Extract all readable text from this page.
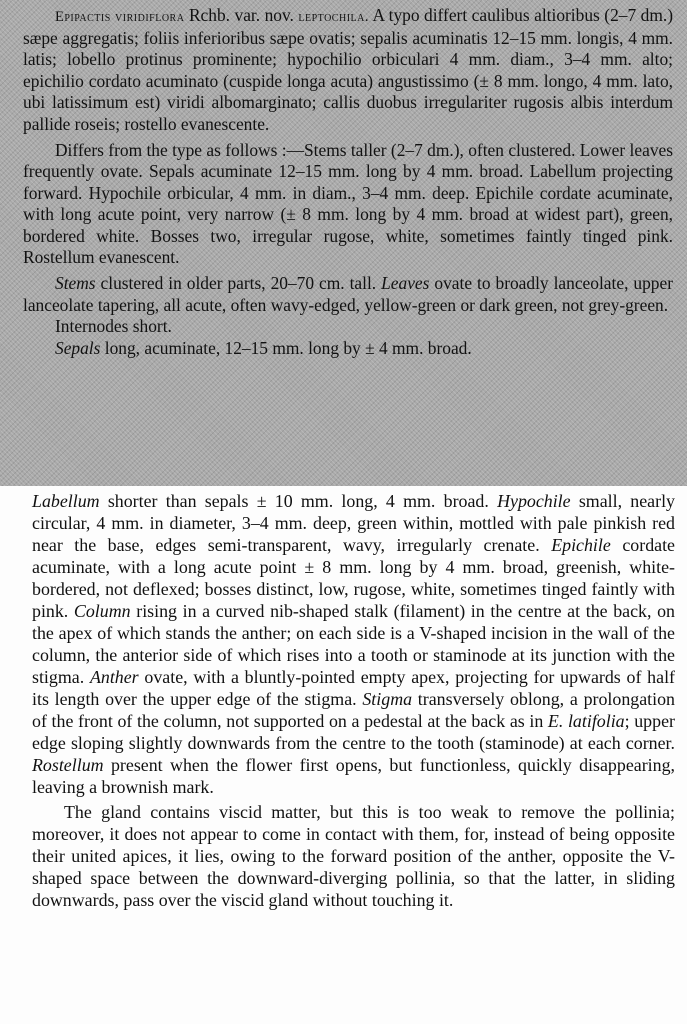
Epipactis viridiflora Rchb. var. nov. leptochila. A typo differt caulibus altioribus (2–7 dm.) sæpe aggregatis; foliis inferioribus sæpe ovatis; sepalis acuminatis 12–15 mm. longis, 4 mm. latis; lobello protinus prominente; hypochilio orbiculari 4 mm. diam., 3–4 mm. alto; epichilio cordato acuminato (cuspide longa acuta) angustissimo (± 8 mm. longo, 4 mm. lato, ubi latissimum est) viridi albomarginato; callis duobus irregulariter rugosis albis interdum pallide roseis; rostello evanescente.

Differs from the type as follows :—Stems taller (2–7 dm.), often clustered. Lower leaves frequently ovate. Sepals acuminate 12–15 mm. long by 4 mm. broad. Labellum projecting forward. Hypochile orbicular, 4 mm. in diam., 3–4 mm. deep. Epichile cordate acuminate, with long acute point, very narrow (± 8 mm. long by 4 mm. broad at widest part), green, bordered white. Bosses two, irregular rugose, white, sometimes faintly tinged pink. Rostellum evanescent.

Stems clustered in older parts, 20–70 cm. tall. Leaves ovate to broadly lanceolate, upper lanceolate tapering, all acute, often wavy-edged, yellow-green or dark green, not grey-green.

Internodes short.

Sepals long, acuminate, 12–15 mm. long by ± 4 mm. broad.

Labellum shorter than sepals ± 10 mm. long, 4 mm. broad. Hypochile small, nearly circular, 4 mm. in diameter, 3–4 mm. deep, green within, mottled with pale pinkish red near the base, edges semi-transparent, wavy, irregularly crenate. Epichile cordate acuminate, with a long acute point ± 8 mm. long by 4 mm. broad, greenish, white-bordered, not deflexed; bosses distinct, low, rugose, white, sometimes tinged faintly with pink. Column rising in a curved nib-shaped stalk (filament) in the centre at the back, on the apex of which stands the anther; on each side is a V-shaped incision in the wall of the column, the anterior side of which rises into a tooth or staminode at its junction with the stigma. Anther ovate, with a bluntly-pointed empty apex, projecting for upwards of half its length over the upper edge of the stigma. Stigma transversely oblong, a prolongation of the front of the column, not supported on a pedestal at the back as in E. latifolia; upper edge sloping slightly downwards from the centre to the tooth (staminode) at each corner. Rostellum present when the flower first opens, but functionless, quickly disappearing, leaving a brownish mark.

The gland contains viscid matter, but this is too weak to remove the pollinia; moreover, it does not appear to come in contact with them, for, instead of being opposite their united apices, it lies, owing to the forward position of the anther, opposite the V-shaped space between the downward-diverging pollinia, so that the latter, in sliding downwards, pass over the viscid gland without touching it.
